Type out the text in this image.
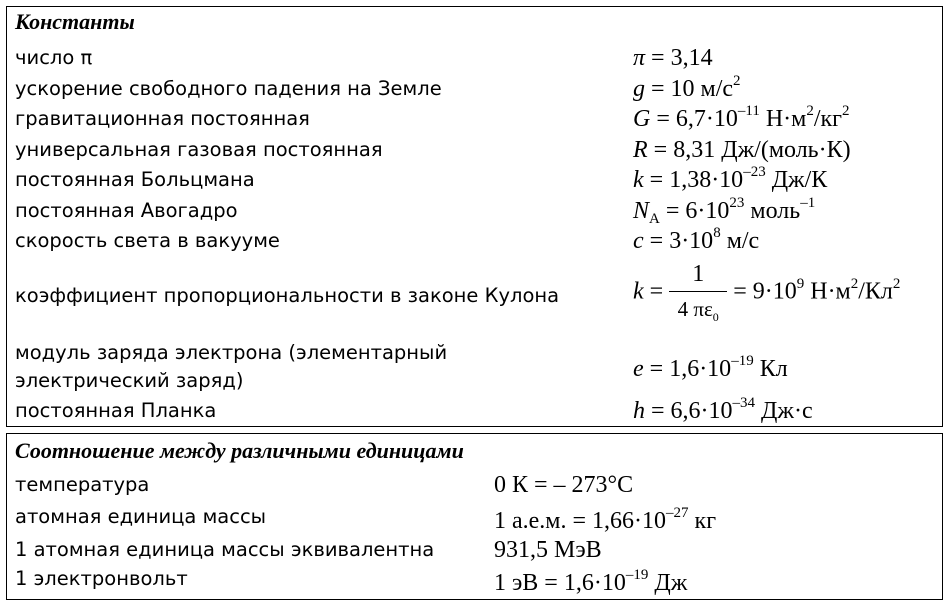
Константы
число π	π = 3,14
ускорение свободного падения на Земле	g = 10 $м/с^2$
гравитационная постоянная	$G = 6,7\cdot 10^{-11}$ $Н\cdot м^2/кг^2$
универсальная газовая постоянная	R = 8,31 Дж/(моль·К)
постоянная Больцмана	$k = 1,38\cdot 10^{-23}$ Дж/К
постоянная Авогадро	$N_А = 6\cdot 10^{23}$ моль$^{-1}$
скорость света в вакууме	$c = 3\cdot 10^8$ м/с
коэффициент пропорциональности в законе Кулона	$k = \frac{1}{4 \pi\varepsilon_0} = 9\cdot 10^9$ $Н\cdot м^2/Кл^2$
модуль заряда электрона (элементарный
электрический заряд)	$e = 1,6\cdot 10^{-19}$ Кл
постоянная Планка	$h = 6,6\cdot 10^{-34}$ Дж·с
Соотношение между различными единицами
температура	0 К = – 273°С
атомная единица массы	1 а.е.м. = $1,66\cdot 10^{-27}$ кг
1 атомная единица массы эквивалентна 931,5 МэВ
1 электронвольт	1 эВ = $1,6\cdot 10^{-19}$ Дж
